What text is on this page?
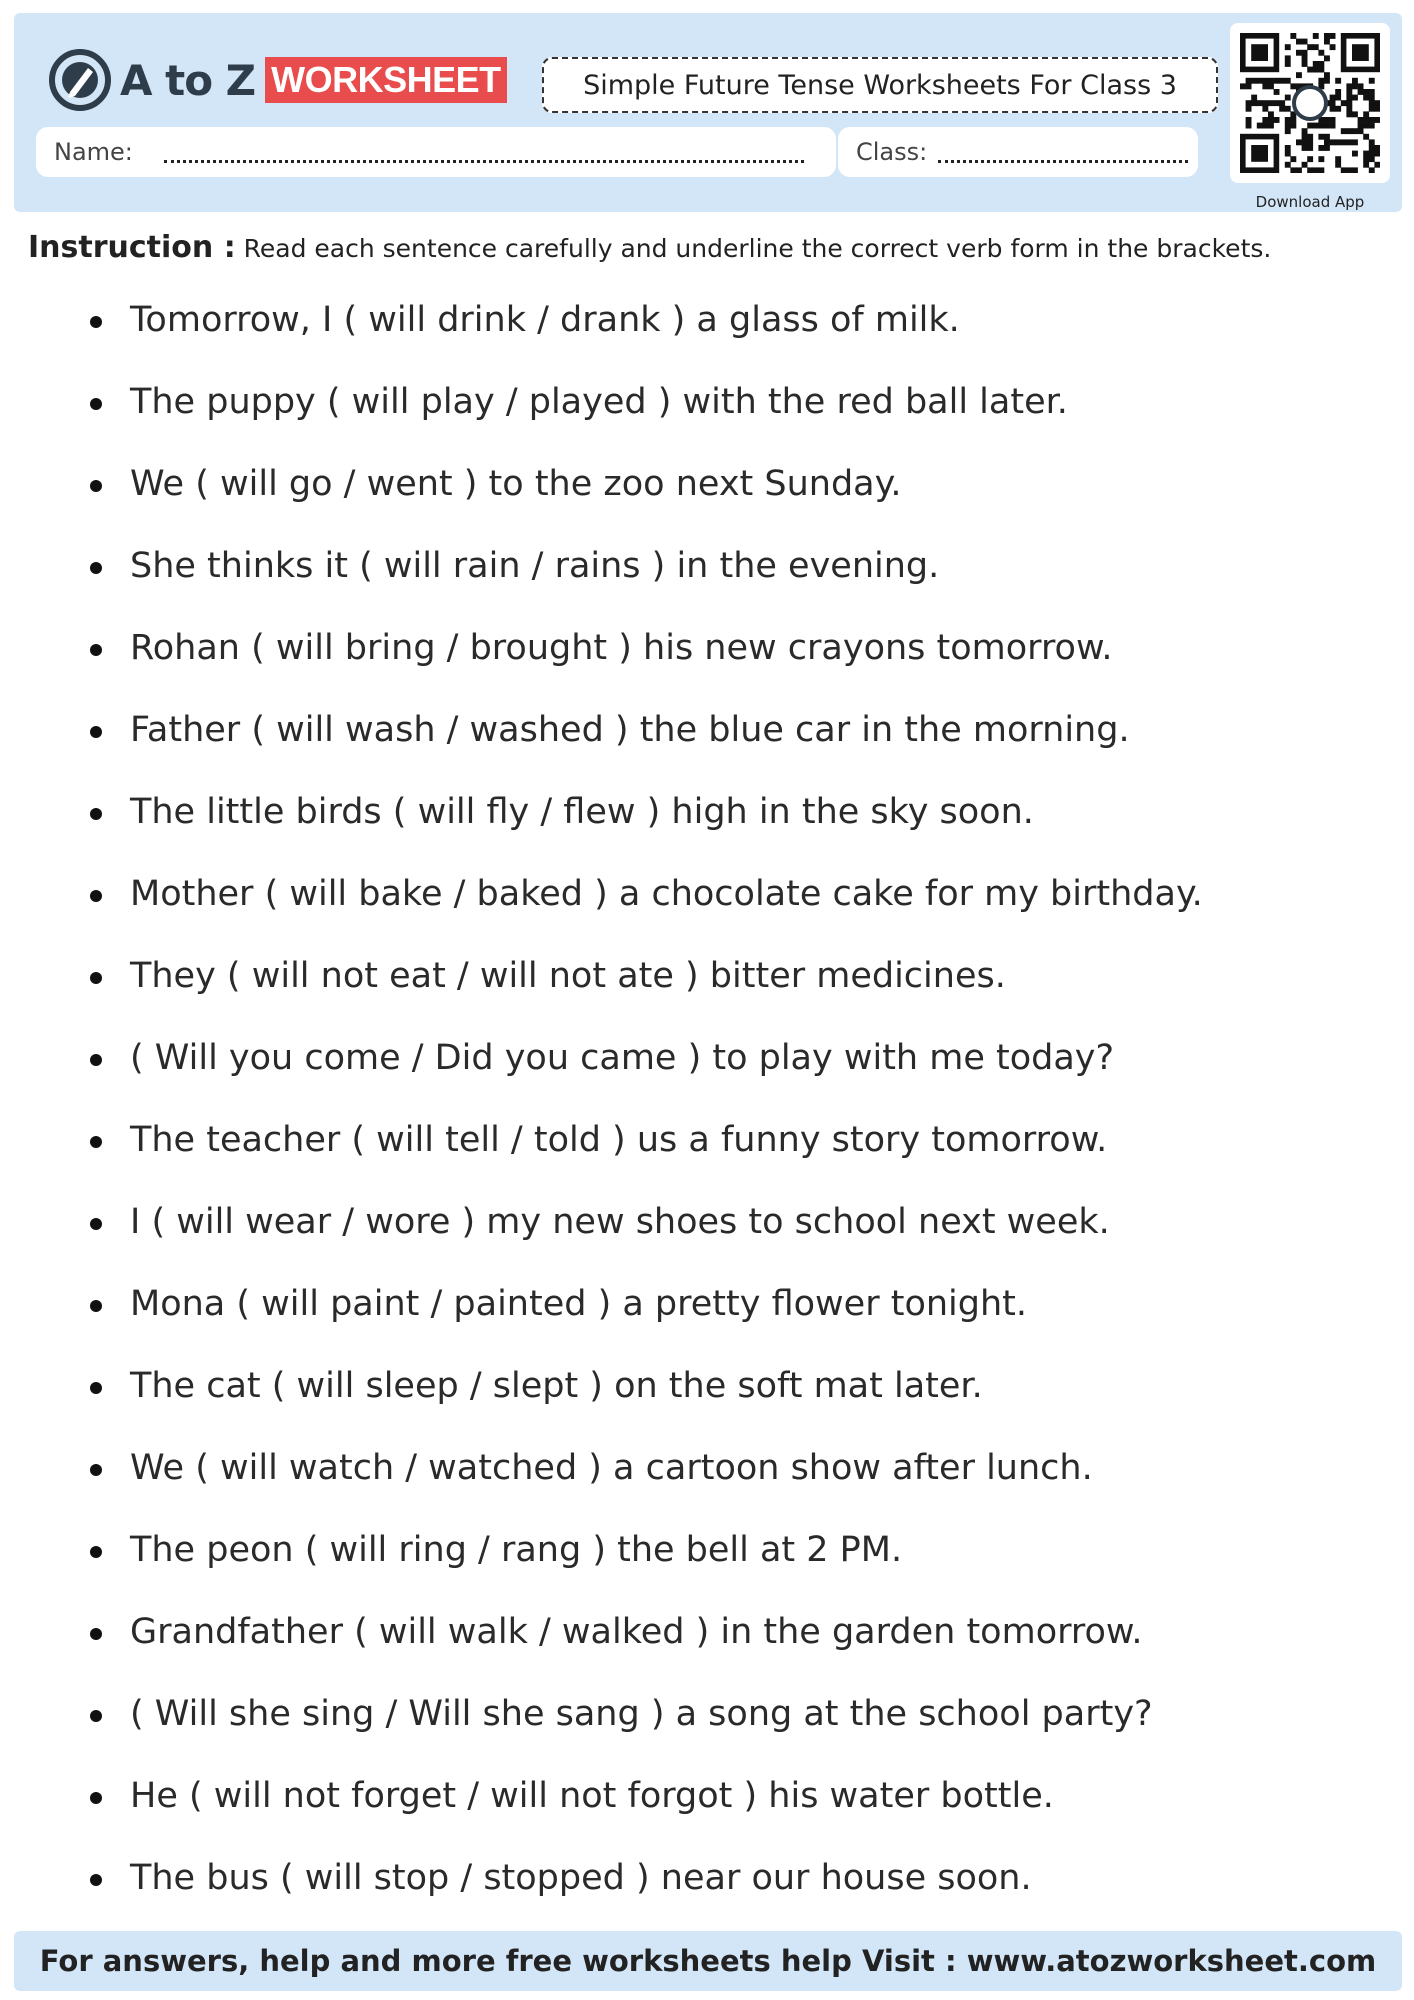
A to Z WORKSHEET	Simple Future Tense Worksheets For Class 3
Name:	Class:
Download App
Instruction : Read each sentence carefully and underline the correct verb form in the brackets.
Tomorrow, I ( will drink / drank ) a glass of milk.
The puppy ( will play / played ) with the red ball later.
We ( will go / went ) to the zoo next Sunday.
She thinks it ( will rain / rains ) in the evening.
Rohan ( will bring / brought ) his new crayons tomorrow.
Father ( will wash / washed ) the blue car in the morning.
The little birds ( will fly / flew ) high in the sky soon.
Mother ( will bake / baked ) a chocolate cake for my birthday.
They ( will not eat / will not ate ) bitter medicines.
( Will you come / Did you came ) to play with me today?
The teacher ( will tell / told ) us a funny story tomorrow.
I ( will wear / wore ) my new shoes to school next week.
Mona ( will paint / painted ) a pretty flower tonight.
The cat ( will sleep / slept ) on the soft mat later.
We ( will watch / watched ) a cartoon show after lunch.
The peon ( will ring / rang ) the bell at 2 PM.
Grandfather ( will walk / walked ) in the garden tomorrow.
( Will she sing / Will she sang ) a song at the school party?
He ( will not forget / will not forgot ) his water bottle.
The bus ( will stop / stopped ) near our house soon.
For answers, help and more free worksheets help Visit : www.atozworksheet.com
